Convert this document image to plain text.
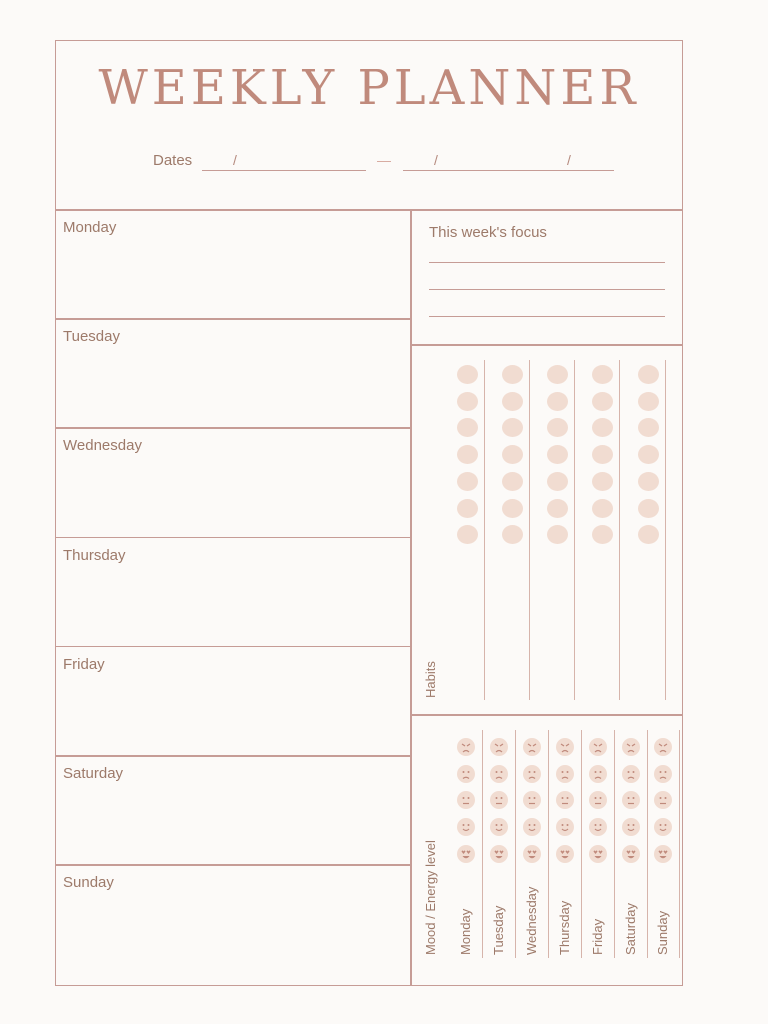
WEEKLY PLANNER
Dates	/	—	/	/
Monday
Tuesday
Wednesday
Thursday
Friday
Saturday
Sunday
This week's focus
Habits
Mood / Energy level Monday Tuesday Wednesday Thursday Friday Saturday Sunday
